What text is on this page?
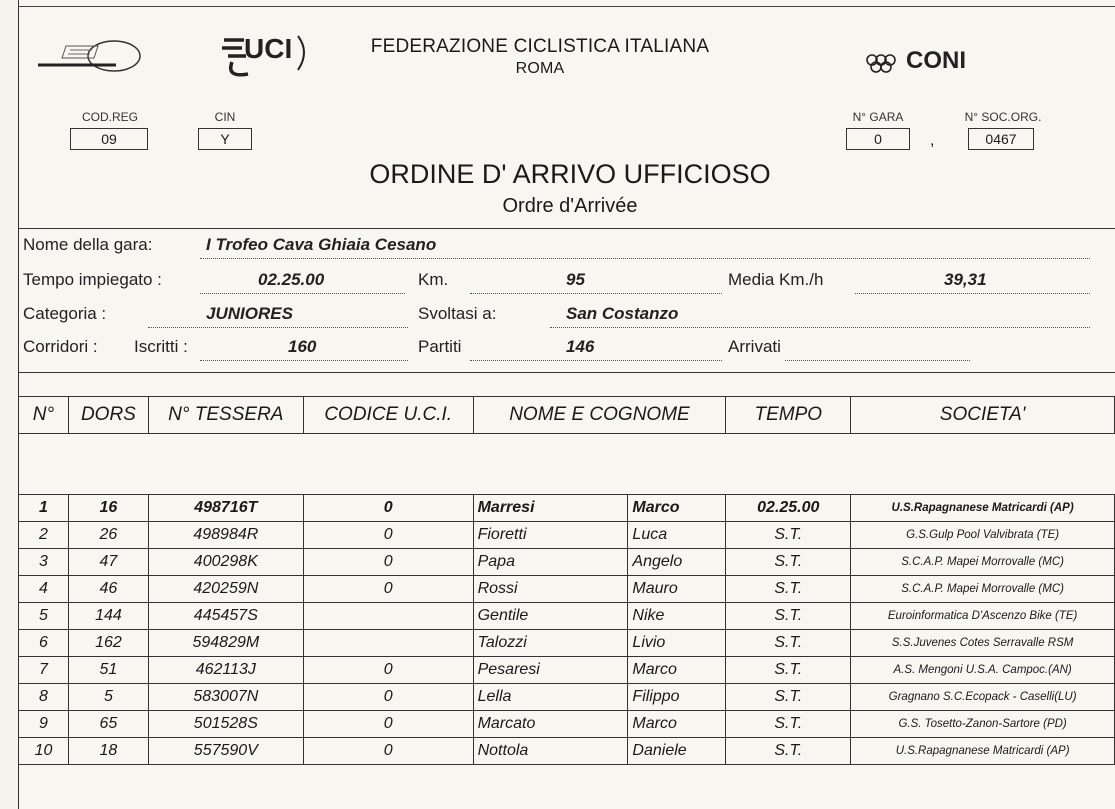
UCI	CONI
FEDERAZIONE CICLISTICA ITALIANA
ROMA
COD.REG
09
CIN
Y
N° GARA
0	,
N° SOC.ORG.
0467
ORDINE D' ARRIVO UFFICIOSO
Ordre d'Arrivée
Nome della gara:	I Trofeo Cava Ghiaia Cesano
Tempo impiegato :	02.25.00	Km.	95	Media Km./h	39,31
Categoria :	JUNIORES	Svoltasi a:	San Costanzo
Corridori : Iscritti :	160	Partiti	146	Arrivati
N°	DORS	N° TESSERA	CODICE U.C.I.	NOME E COGNOME		TEMPO	SOCIETA'

1	16	498716T	0	Marresi	Marco	02.25.00	U.S.Rapagnanese Matricardi (AP)
2	26	498984R	0	Fioretti	Luca	S.T.	G.S.Gulp Pool Valvibrata (TE)
3	47	400298K	0	Papa	Angelo	S.T.	S.C.A.P. Mapei Morrovalle (MC)
4	46	420259N	0	Rossi	Mauro	S.T.	S.C.A.P. Mapei Morrovalle (MC)
5	144	445457S		Gentile	Nike	S.T.	Euroinformatica D'Ascenzo Bike (TE)
6	162	594829M		Talozzi	Livio	S.T.	S.S.Juvenes Cotes Serravalle RSM
7	51	462113J	0	Pesaresi	Marco	S.T.	A.S. Mengoni U.S.A. Campoc.(AN)
8	5	583007N	0	Lella	Filippo	S.T.	Gragnano S.C.Ecopack - Caselli(LU)
9	65	501528S	0	Marcato	Marco	S.T.	G.S. Tosetto-Zanon-Sartore (PD)
10	18	557590V	0	Nottola	Daniele	S.T.	U.S.Rapagnanese Matricardi (AP)
